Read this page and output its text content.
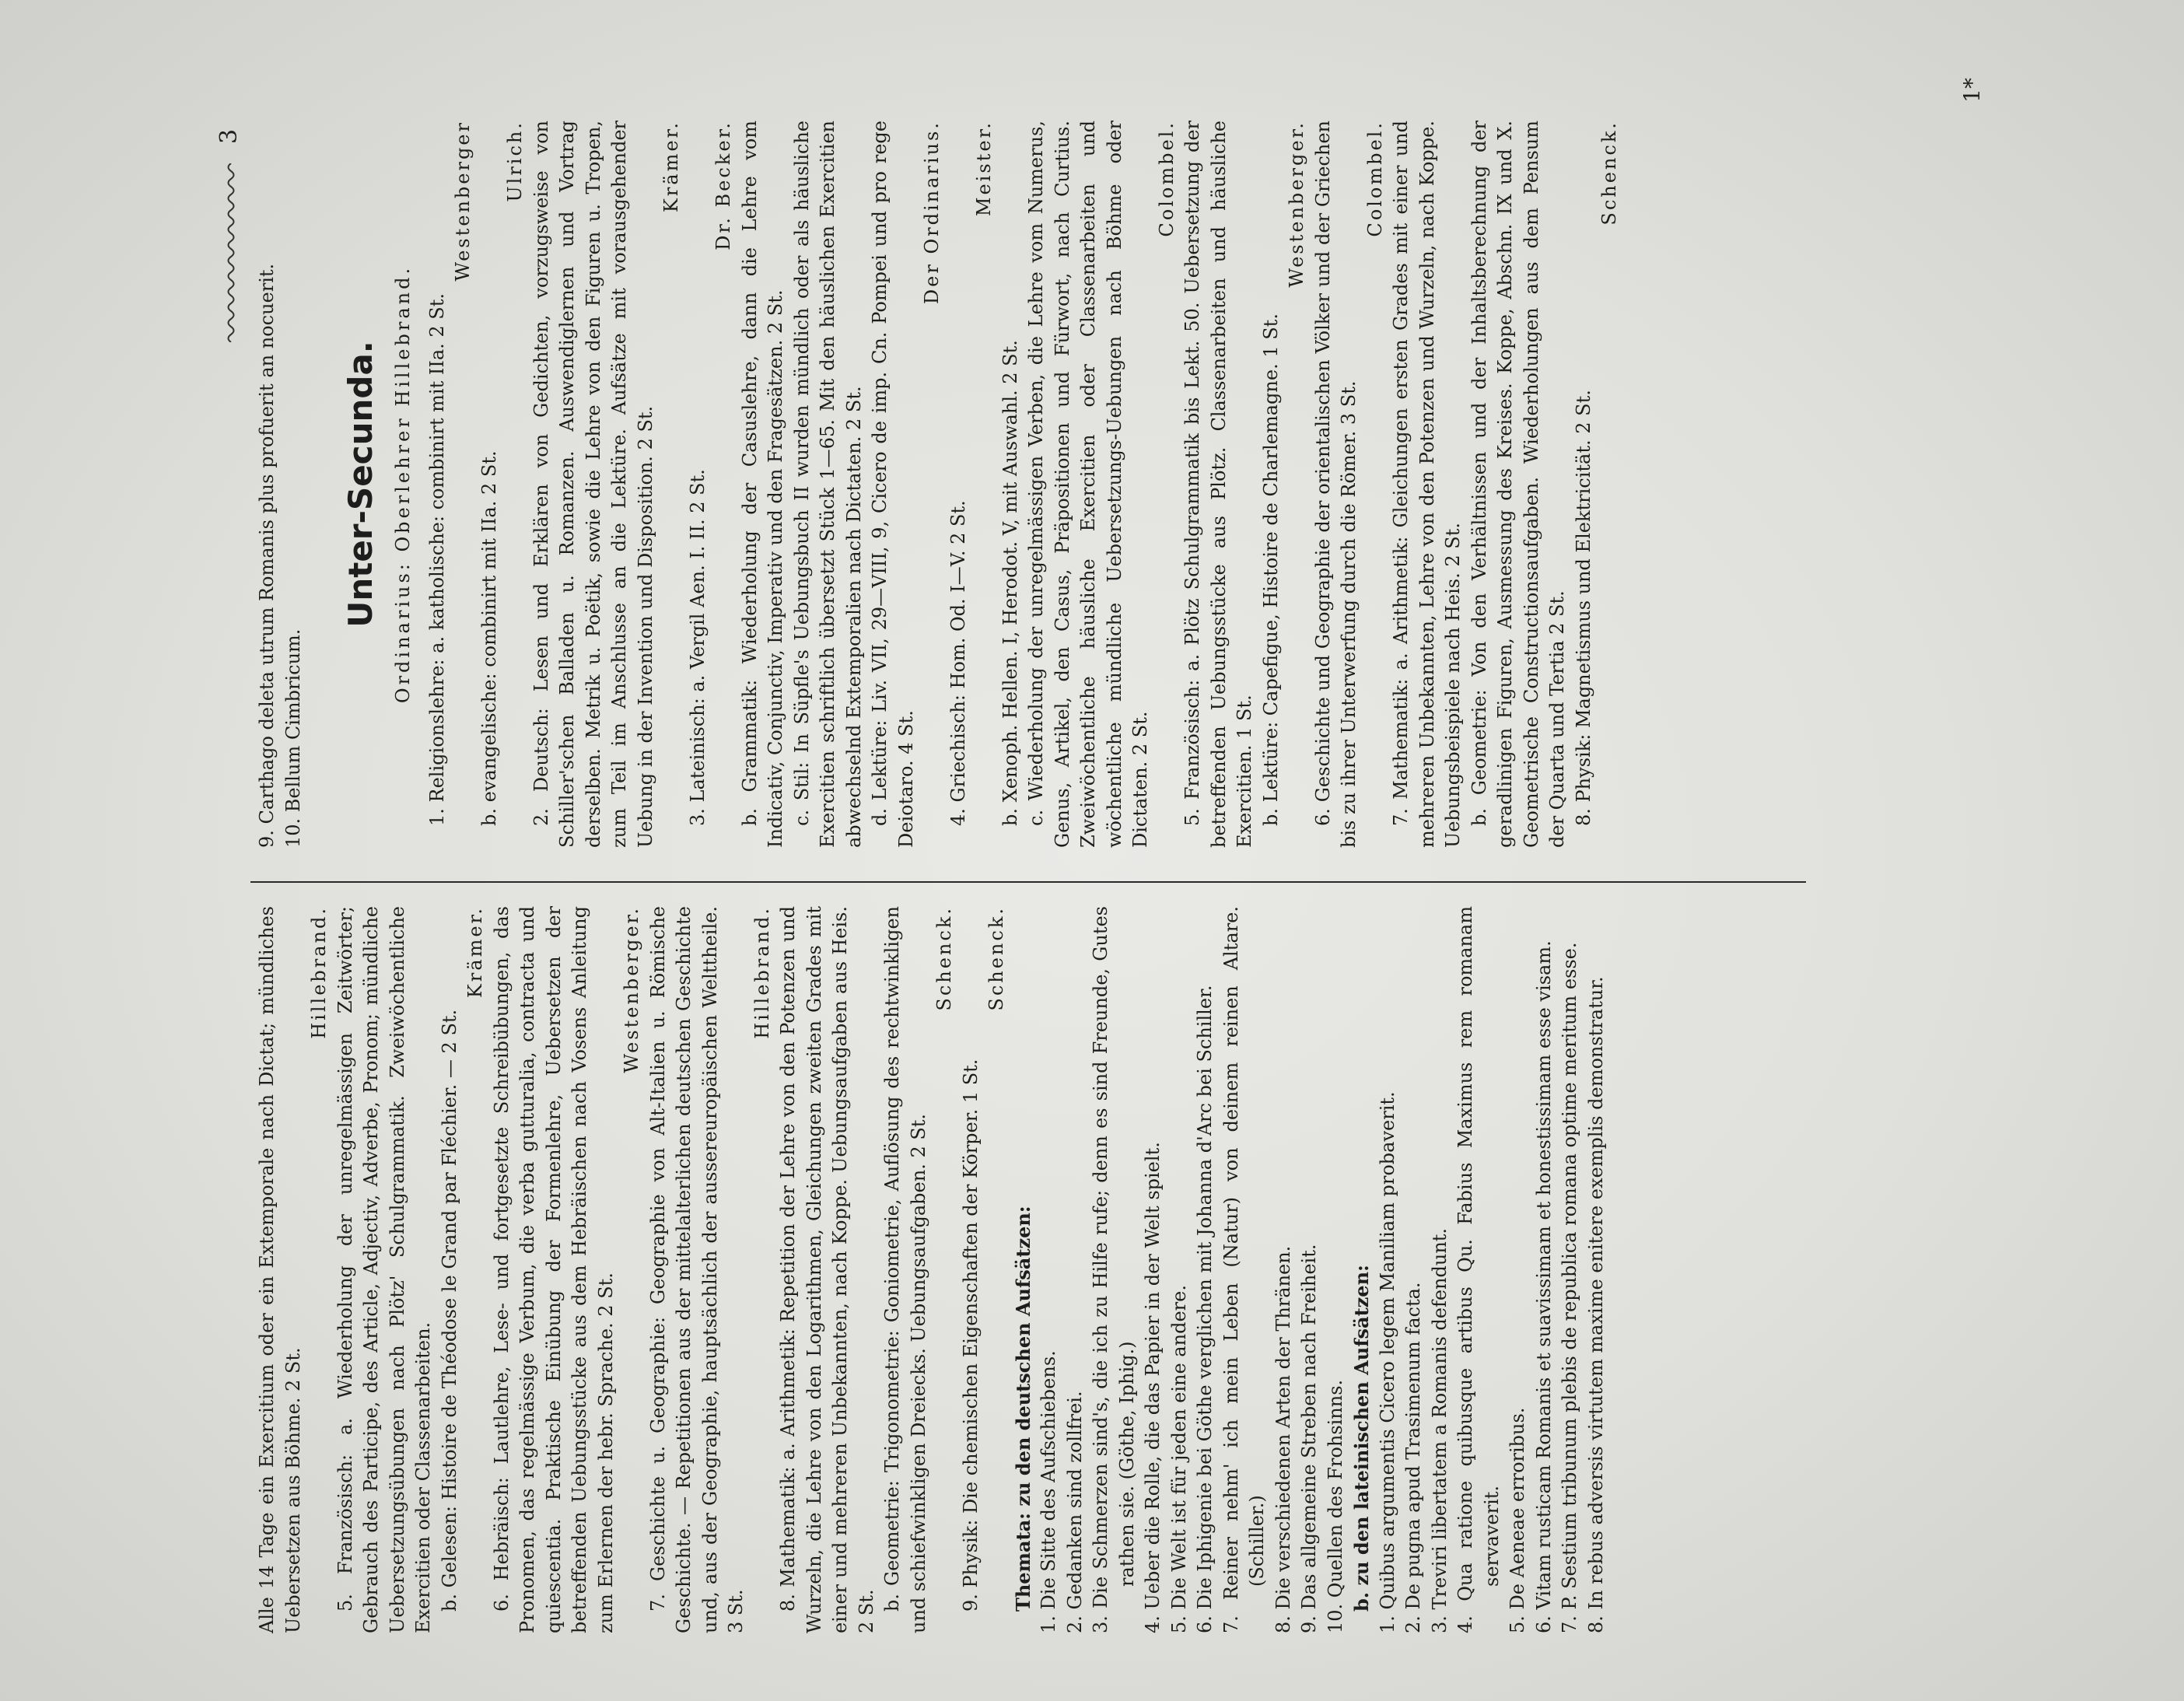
3

Alle 14 Tage ein Exercitium oder ein Extemporale nach Dictat; mündliches Uebersetzen aus Böhme. 2 St.

Hillebrand. 5. Französisch: a. Wiederholung der unregelmässigen Zeitwörter; Gebrauch des Participe, des Article, Adjectiv, Adverbe, Pronom; mündliche Uebersetzungsübungen nach Plötz' Schulgrammatik. Zweiwöchentliche Exercitien oder Classenarbeiten. b. Gelesen: Histoire de Théodose le Grand par Fléchier. — 2 St.

Krämer. 6. Hebräisch: Lautlehre, Lese- und fortgesetzte Schreibübungen, das Pronomen, das regelmässige Verbum, die verba gutturalia, contracta und quiescentia. Praktische Einübung der Formenlehre, Uebersetzen der betreffenden Uebungsstücke aus dem Hebräischen nach Vosens Anleitung zum Erlernen der hebr. Sprache. 2 St.

Westenberger. 7. Geschichte u. Geographie: Geographie von Alt-Italien u. Römische Geschichte. — Repetitionen aus der mittelalterlichen deutschen Geschichte und, aus der Geographie, hauptsächlich der aussereuropäischen Welttheile. 3 St.

Hillebrand. 8. Mathematik: a. Arithmetik: Repetition der Lehre von den Potenzen und Wurzeln, die Lehre von den Logarithmen, Gleichungen zweiten Grades mit einer und mehreren Unbekannten, nach Koppe. Uebungsaufgaben aus Heis. 2 St. b. Geometrie: Trigonometrie: Goniometrie, Auflösung des rechtwinkligen und schiefwinkligen Dreiecks. Uebungsaufgaben. 2 St.

Schenck.

9. Physik: Die chemischen Eigenschaften der Körper. 1 St.

Schenck.

Themata: zu den deutschen Aufsätzen: 1. Die Sitte des Aufschiebens. 2. Gedanken sind zollfrei. 3. Die Schmerzen sind's, die ich zu Hilfe rufe; denn es sind Freunde, Gutes rathen sie. (Göthe, Iphig.) 4. Ueber die Rolle, die das Papier in der Welt spielt. 5. Die Welt ist für jeden eine andere. 6. Die Iphigenie bei Göthe verglichen mit Johanna d'Arc bei Schiller. 7. Reiner nehm' ich mein Leben (Natur) von deinem reinen Altare. (Schiller.) 8. Die verschiedenen Arten der Thränen. 9. Das allgemeine Streben nach Freiheit. 10. Quellen des Frohsinns. b. zu den lateinischen Aufsätzen: 1. Quibus argumentis Cicero legem Maniliam probaverit. 2. De pugna apud Trasimenum facta. 3. Treviri libertatem a Romanis defendunt. 4. Qua ratione quibusque artibus Qu. Fabius Maximus rem romanam servaverit. 5. De Aeneae erroribus. 6. Vitam rusticam Romanis et suavissimam et honestissimam esse visam. 7. P. Sestium tribunum plebis de republica romana optime meritum esse. 8. In rebus adversis virtutem maxime enitere exemplis demonstratur.

9. Carthago deleta utrum Romanis plus profuerit an nocuerit. 10. Bellum Cimbricum.

Unter-Secunda. Ordinarius: Oberlehrer Hillebrand. 1. Religionslehre: a. katholische: combinirt mit IIa. 2 St.

Westenberger

b. evangelische: combinirt mit IIa. 2 St.

Ulrich. 2. Deutsch: Lesen und Erklären von Gedichten, vorzugsweise von Schiller'schen Balladen u. Romanzen. Auswendiglernen und Vortrag derselben. Metrik u. Poëtik, sowie die Lehre von den Figuren u. Tropen, zum Teil im Anschlusse an die Lektüre. Aufsätze mit vorausgehender Uebung in der Invention und Disposition. 2 St.

Krämer.

3. Lateinisch: a. Vergil Aen. I. II. 2 St.

Dr. Becker. b. Grammatik: Wiederholung der Casuslehre, dann die Lehre vom Indicativ, Conjunctiv, Imperativ und den Fragesätzen. 2 St. c. Stil: In Süpfle's Uebungsbuch II wurden mündlich oder als häusliche Exercitien schriftlich übersetzt Stück 1—65. Mit den häuslichen Exercitien abwechselnd Extemporalien nach Dictaten. 2 St. d. Lektüre: Liv. VII, 29—VIII, 9, Cicero de imp. Cn. Pompei und pro rege Deiotaro. 4 St.

Der Ordinarius.

4. Griechisch: Hom. Od. I—V. 2 St.

Meister.

b. Xenoph. Hellen. I, Herodot. V, mit Auswahl. 2 St. c. Wiederholung der unregelmässigen Verben, die Lehre vom Numerus, Genus, Artikel, den Casus, Präpositionen und Fürwort, nach Curtius. Zweiwöchentliche häusliche Exercitien oder Classenarbeiten und wöchentliche mündliche Uebersetzungs-Uebungen nach Böhme oder Dictaten. 2 St.

Colombel. 5. Französisch: a. Plötz Schulgrammatik bis Lekt. 50. Uebersetzung der betreffenden Uebungsstücke aus Plötz. Classenarbeiten und häusliche Exercitien. 1 St. b. Lektüre: Capefigue, Histoire de Charlemagne. 1 St.

Westenberger. 6. Geschichte und Geographie der orientalischen Völker und der Griechen bis zu ihrer Unterwerfung durch die Römer. 3 St.

Colombel. 7. Mathematik: a. Arithmetik: Gleichungen ersten Grades mit einer und mehreren Unbekannten, Lehre von den Potenzen und Wurzeln, nach Koppe. Uebungsbeispiele nach Heis. 2 St. b. Geometrie: Von den Verhältnissen und der Inhaltsberechnung der geradlinigen Figuren, Ausmessung des Kreises. Koppe, Abschn. IX und X. Geometrische Constructionsaufgaben. Wiederholungen aus dem Pensum der Quarta und Tertia 2 St. 8. Physik: Magnetismus und Elektricität. 2 St.

Schenck.

1*
